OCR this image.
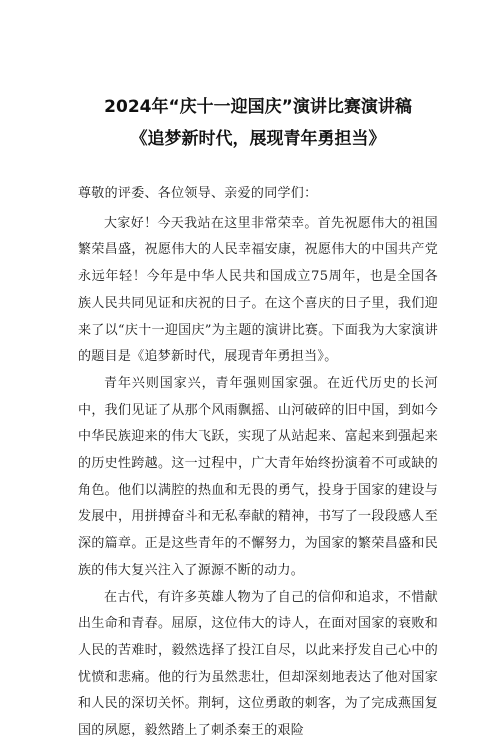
2024年“庆十一迎国庆”演讲比赛演讲稿
《追梦新时代，展现青年勇担当》

尊敬的评委、各位领导、亲爱的同学们：

大家好！今天我站在这里非常荣幸。首先祝愿伟大的祖国繁荣昌盛，祝愿伟大的人民幸福安康，祝愿伟大的中国共产党永远年轻！今年是中华人民共和国成立75周年，也是全国各族人民共同见证和庆祝的日子。在这个喜庆的日子里，我们迎来了以“庆十一迎国庆”为主题的演讲比赛。下面我为大家演讲的题目是《追梦新时代，展现青年勇担当》。

青年兴则国家兴，青年强则国家强。在近代历史的长河中，我们见证了从那个风雨飘摇、山河破碎的旧中国，到如今中华民族迎来的伟大飞跃，实现了从站起来、富起来到强起来的历史性跨越。这一过程中，广大青年始终扮演着不可或缺的角色。他们以满腔的热血和无畏的勇气，投身于国家的建设与发展中，用拼搏奋斗和无私奉献的精神，书写了一段段感人至深的篇章。正是这些青年的不懈努力，为国家的繁荣昌盛和民族的伟大复兴注入了源源不断的动力。

在古代，有许多英雄人物为了自己的信仰和追求，不惜献出生命和青春。屈原，这位伟大的诗人，在面对国家的衰败和人民的苦难时，毅然选择了投江自尽，以此来抒发自己心中的忧愤和悲痛。他的行为虽然悲壮，但却深刻地表达了他对国家和人民的深切关怀。荆轲，这位勇敢的刺客，为了完成燕国复国的夙愿，毅然踏上了刺杀秦王的艰险
